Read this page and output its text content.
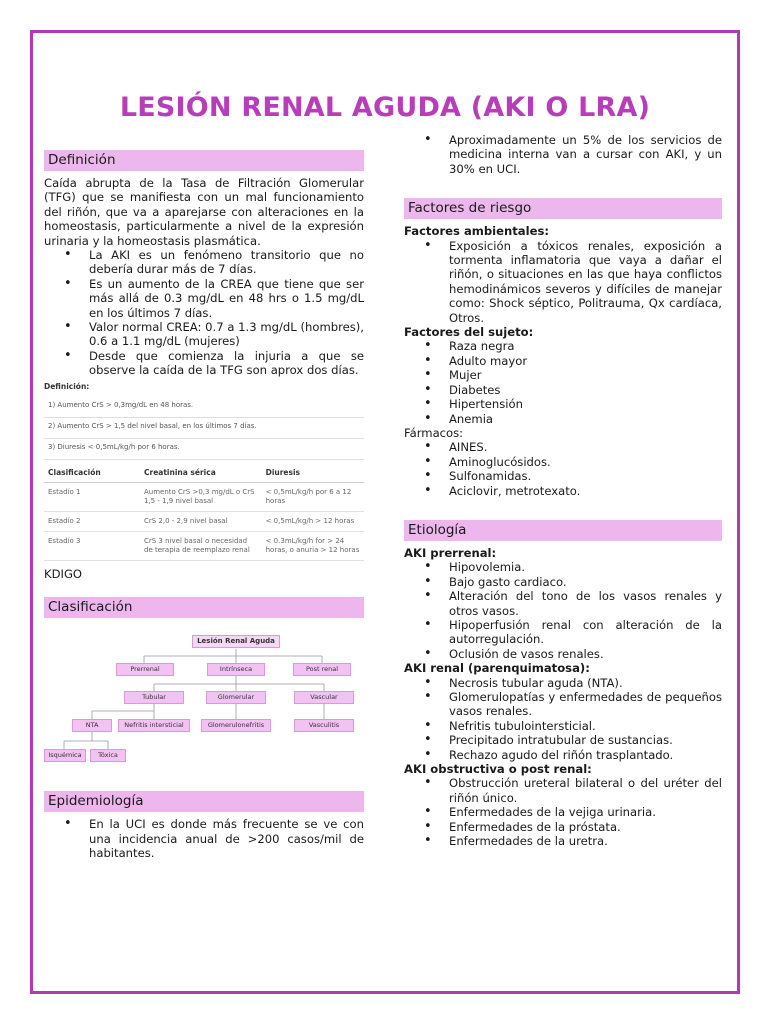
LESIÓN RENAL AGUDA (AKI O LRA)
Definición

Caída abrupta de la Tasa de Filtración Glomerular (TFG) que se manifiesta con un mal funcionamiento del riñón, que va a aparejarse con alteraciones en la homeostasis, particularmente a nivel de la expresión urinaria y la homeostasis plasmática.

• La AKI es un fenómeno transitorio que no debería durar más de 7 días.
• Es un aumento de la CREA que tiene que ser más allá de 0.3 mg/dL en 48 hrs o 1.5 mg/dL en los últimos 7 días.
• Valor normal CREA: 0.7 a 1.3 mg/dL (hombres), 0.6 a 1.1 mg/dL (mujeres)
• Desde que comienza la injuria a que se observe la caída de la TFG son aprox dos días.
Definición:
1) Aumento CrS > 0,3mg/dL en 48 horas.
2) Aumento CrS > 1,5 del nivel basal, en los últimos 7 días.
3) Diuresis < 0,5mL/kg/h por 6 horas.
Clasificación	Creatinina sérica	Diuresis
Estadío 1	Aumento CrS >0,3 mg/dL o CrS 1,5 - 1,9 nivel basal	< 0,5mL/kg/h por 6 a 12 horas
Estadío 2	CrS 2,0 - 2,9 nivel basal	< 0,5mL/kg/h > 12 horas
Estadío 3	CrS 3 nivel basal o necesidad de terapia de reemplazo renal	< 0.3mL/kg/h for > 24 horas, o anuria > 12 horas
KDIGO
Clasificación
Lesión Renal Aguda
Prerrenal	Intrínseca	Post renal
Tubular	Glomerular	Vascular
NTA	Nefritis intersticial	Glomerulonefritis	Vasculitis
Isquémica	Tóxica
Epidemiología
• En la UCI es donde más frecuente se ve con una incidencia anual de >200 casos/mil de habitantes.
• Aproximadamente un 5% de los servicios de medicina interna van a cursar con AKI, y un 30% en UCI.
Factores de riesgo
Factores ambientales:
• Exposición a tóxicos renales, exposición a tormenta inflamatoria que vaya a dañar el riñón, o situaciones en las que haya conflictos hemodinámicos severos y difíciles de manejar como: Shock séptico, Politrauma, Qx cardíaca, Otros.
Factores del sujeto:
• Raza negra
• Adulto mayor
• Mujer
• Diabetes
• Hipertensión
• Anemia
Fármacos:
• AINES.
• Aminoglucósidos.
• Sulfonamidas.
• Aciclovir, metrotexato.
Etiología
AKI prerrenal:
• Hipovolemia.
• Bajo gasto cardiaco.
• Alteración del tono de los vasos renales y otros vasos.
• Hipoperfusión renal con alteración de la autorregulación.
• Oclusión de vasos renales.
AKI renal (parenquimatosa):
• Necrosis tubular aguda (NTA).
• Glomerulopatías y enfermedades de pequeños vasos renales.
• Nefritis tubulointersticial.
• Precipitado intratubular de sustancias.
• Rechazo agudo del riñón trasplantado.
AKI obstructiva o post renal:
• Obstrucción ureteral bilateral o del uréter del riñón único.
• Enfermedades de la vejiga urinaria.
• Enfermedades de la próstata.
• Enfermedades de la uretra.
